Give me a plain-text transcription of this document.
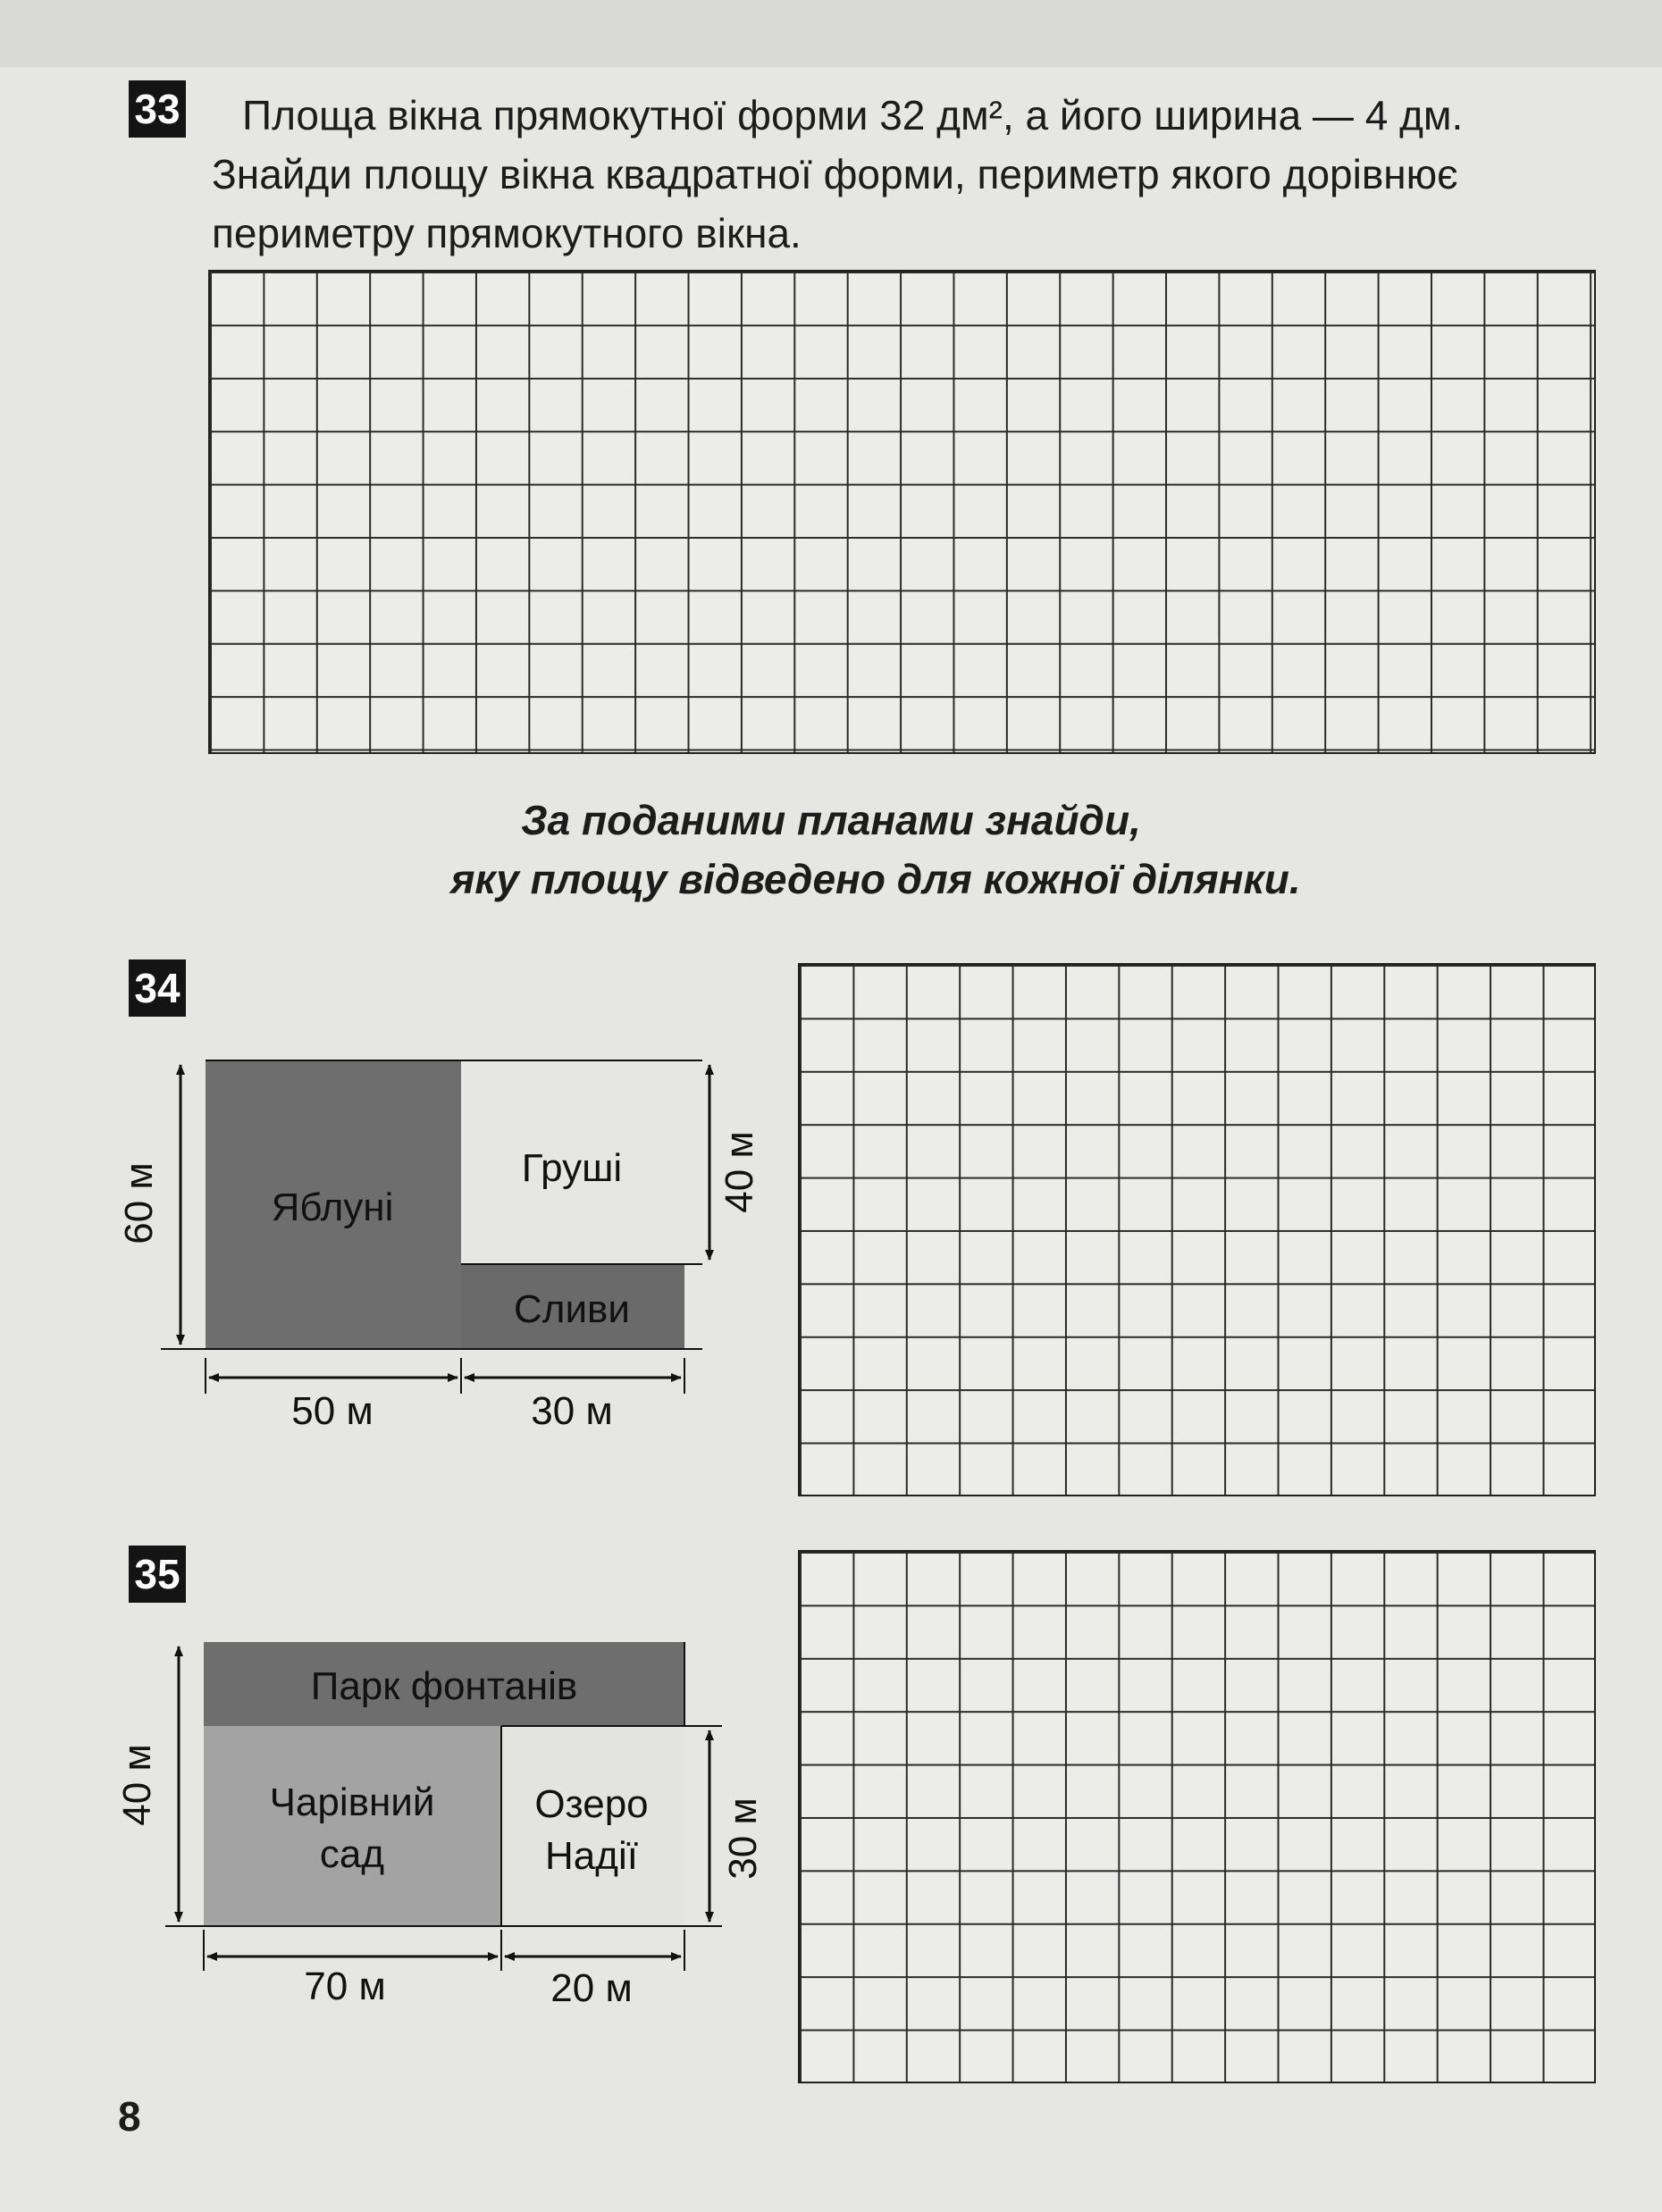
33	Площа вікна прямокутної форми 32 дм², а його ширина — 4 дм.
Знайди площу вікна квадратної форми, периметр якого дорівнює
периметру прямокутного вікна.
За поданими планами знайди,
яку площу відведено для кожної ділянки.
34
35
Яблуні
Груші
Сливи
60 м	40 м
50 м	30 м
Парк фонтанів
Чарівний
сад
Озеро
Надії
40 м
30 м
70 м	20 м
8
